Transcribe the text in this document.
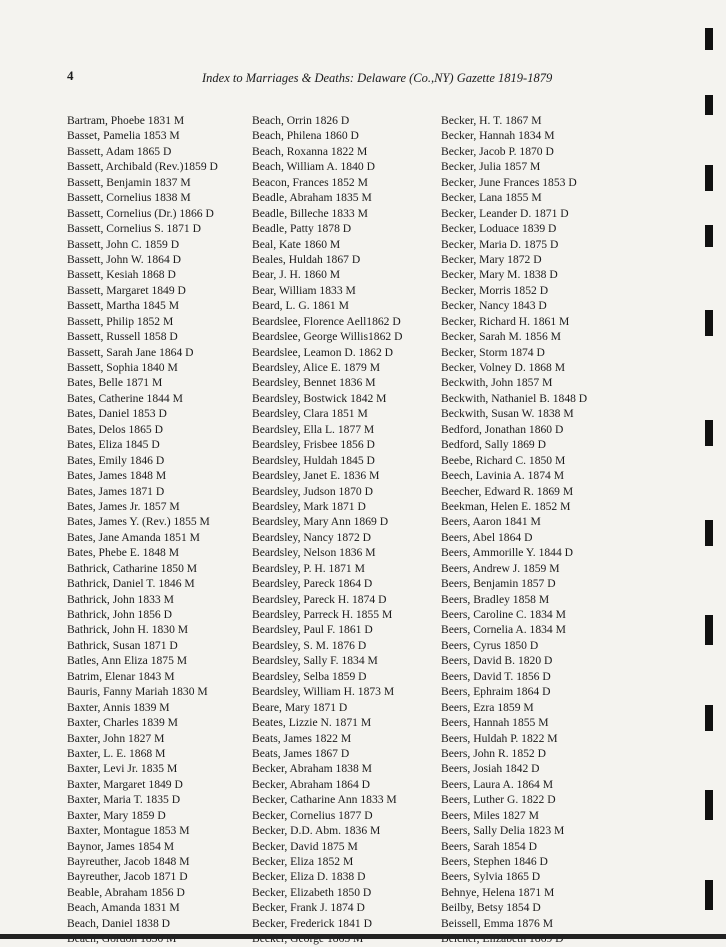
4	Index to Marriages & Deaths: Delaware (Co.,NY) Gazette 1819-1879
Bartram, Phoebe 1831 M
Basset, Pamelia 1853 M
Bassett, Adam 1865 D
Bassett, Archibald (Rev.)1859 D
Bassett, Benjamin 1837 M
Bassett, Cornelius 1838 M
Bassett, Cornelius (Dr.) 1866 D
Bassett, Cornelius S. 1871 D
Bassett, John C. 1859 D
Bassett, John W. 1864 D
Bassett, Kesiah 1868 D
Bassett, Margaret 1849 D
Bassett, Martha 1845 M
Bassett, Philip 1852 M
Bassett, Russell 1858 D
Bassett, Sarah Jane 1864 D
Bassett, Sophia 1840 M
Bates, Belle 1871 M
Bates, Catherine 1844 M
Bates, Daniel 1853 D
Bates, Delos 1865 D
Bates, Eliza 1845 D
Bates, Emily 1846 D
Bates, James 1848 M
Bates, James 1871 D
Bates, James Jr. 1857 M
Bates, James Y. (Rev.) 1855 M
Bates, Jane Amanda 1851 M
Bates, Phebe E. 1848 M
Bathrick, Catharine 1850 M
Bathrick, Daniel T. 1846 M
Bathrick, John 1833 M
Bathrick, John 1856 D
Bathrick, John H. 1830 M
Bathrick, Susan 1871 D
Batles, Ann Eliza 1875 M
Batrim, Elenar 1843 M
Bauris, Fanny Mariah 1830 M
Baxter, Annis 1839 M
Baxter, Charles 1839 M
Baxter, John 1827 M
Baxter, L. E. 1868 M
Baxter, Levi Jr. 1835 M
Baxter, Margaret 1849 D
Baxter, Maria T. 1835 D
Baxter, Mary 1859 D
Baxter, Montague 1853 M
Baynor, James 1854 M
Bayreuther, Jacob 1848 M
Bayreuther, Jacob 1871 D
Beable, Abraham 1856 D
Beach, Amanda 1831 M
Beach, Daniel 1838 D
Beach, Orrin 1826 D
Beach, Philena 1860 D
Beach, Roxanna 1822 M
Beach, William A. 1840 D
Beacon, Frances 1852 M
Beadle, Abraham 1835 M
Beadle, Billeche 1833 M
Beadle, Patty 1878 D
Beal, Kate 1860 M
Beales, Huldah 1867 D
Bear, J. H. 1860 M
Bear, William 1833 M
Beard, L. G. 1861 M
Beardslee, Florence Aell1862 D
Beardslee, George Willis1862 D
Beardslee, Leamon D. 1862 D
Beardsley, Alice E. 1879 M
Beardsley, Bennet 1836 M
Beardsley, Bostwick 1842 M
Beardsley, Clara 1851 M
Beardsley, Ella L. 1877 M
Beardsley, Frisbee 1856 D
Beardsley, Huldah 1845 D
Beardsley, Janet E. 1836 M
Beardsley, Judson 1870 D
Beardsley, Mark 1871 D
Beardsley, Mary Ann 1869 D
Beardsley, Nancy 1872 D
Beardsley, Nelson 1836 M
Beardsley, P. H. 1871 M
Beardsley, Pareck 1864 D
Beardsley, Pareck H. 1874 D
Beardsley, Parreck H. 1855 M
Beardsley, Paul F. 1861 D
Beardsley, S. M. 1876 D
Beardsley, Sally F. 1834 M
Beardsley, Selba 1859 D
Beardsley, William H. 1873 M
Beare, Mary 1871 D
Beates, Lizzie N. 1871 M
Beats, James 1822 M
Beats, James 1867 D
Becker, Abraham 1838 M
Becker, Abraham 1864 D
Becker, Catharine Ann 1833 M
Becker, Cornelius 1877 D
Becker, D.D. Abm. 1836 M
Becker, David 1875 M
Becker, Eliza 1852 M
Becker, Eliza D. 1838 D
Becker, Elizabeth 1850 D
Becker, Frank J. 1874 D
Becker, Frederick 1841 D
Becker, H. T. 1867 M
Becker, Hannah 1834 M
Becker, Jacob P. 1870 D
Becker, Julia 1857 M
Becker, June Frances 1853 D
Becker, Lana 1855 M
Becker, Leander D. 1871 D
Becker, Loduace 1839 D
Becker, Maria D. 1875 D
Becker, Mary 1872 D
Becker, Mary M. 1838 D
Becker, Morris 1852 D
Becker, Nancy 1843 D
Becker, Richard H. 1861 M
Becker, Sarah M. 1856 M
Becker, Storm 1874 D
Becker, Volney D. 1868 M
Beckwith, John 1857 M
Beckwith, Nathaniel B. 1848 D
Beckwith, Susan W. 1838 M
Bedford, Jonathan 1860 D
Bedford, Sally 1869 D
Beebe, Richard C. 1850 M
Beech, Lavinia A. 1874 M
Beecher, Edward R. 1869 M
Beekman, Helen E. 1852 M
Beers, Aaron 1841 M
Beers, Abel 1864 D
Beers, Ammorille Y. 1844 D
Beers, Andrew J. 1859 M
Beers, Benjamin 1857 D
Beers, Bradley 1858 M
Beers, Caroline C. 1834 M
Beers, Cornelia A. 1834 M
Beers, Cyrus 1850 D
Beers, David B. 1820 D
Beers, David T. 1856 D
Beers, Ephraim 1864 D
Beers, Ezra 1859 M
Beers, Hannah 1855 M
Beers, Huldah P. 1822 M
Beers, John R. 1852 D
Beers, Josiah 1842 D
Beers, Laura A. 1864 M
Beers, Luther G. 1822 D
Beers, Miles 1827 M
Beers, Sally Delia 1823 M
Beers, Sarah 1854 D
Beers, Stephen 1846 D
Beers, Sylvia 1865 D
Behnye, Helena 1871 M
Beilby, Betsy 1854 D
Beissell, Emma 1876 M
